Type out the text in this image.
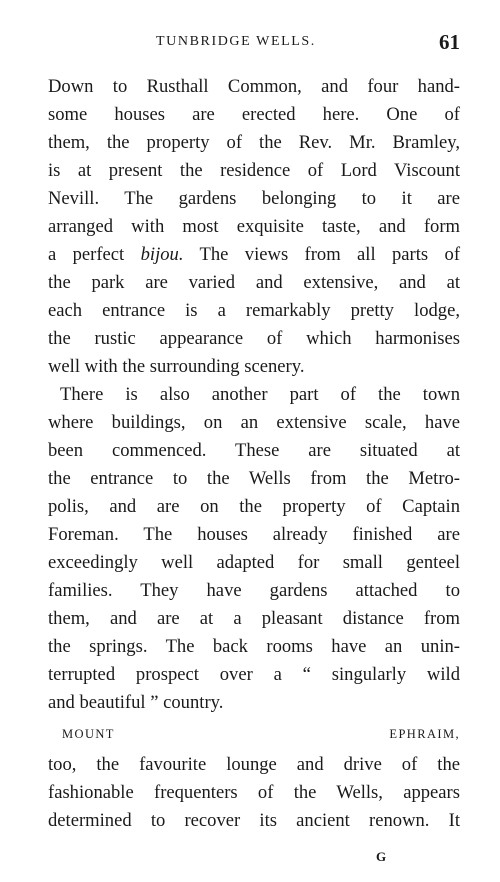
TUNBRIDGE WELLS.	61
Down to Rusthall Common, and four hand-
some houses are erected here. One of
them, the property of the Rev. Mr. Bramley,
is at present the residence of Lord Viscount
Nevill. The gardens belonging to it are
arranged with most exquisite taste, and form
a perfect bijou. The views from all parts of
the park are varied and extensive, and at
each entrance is a remarkably pretty lodge,
the rustic appearance of which harmonises
well with the surrounding scenery.
There is also another part of the town
where buildings, on an extensive scale, have
been commenced. These are situated at
the entrance to the Wells from the Metro-
polis, and are on the property of Captain
Foreman. The houses already finished are
exceedingly well adapted for small genteel
families. They have gardens attached to
them, and are at a pleasant distance from
the springs. The back rooms have an unin-
terrupted prospect over a “ singularly wild
and beautiful ” country.
MOUNT EPHRAIM,
too, the favourite lounge and drive of the
fashionable frequenters of the Wells, appears
determined to recover its ancient renown. It
G
